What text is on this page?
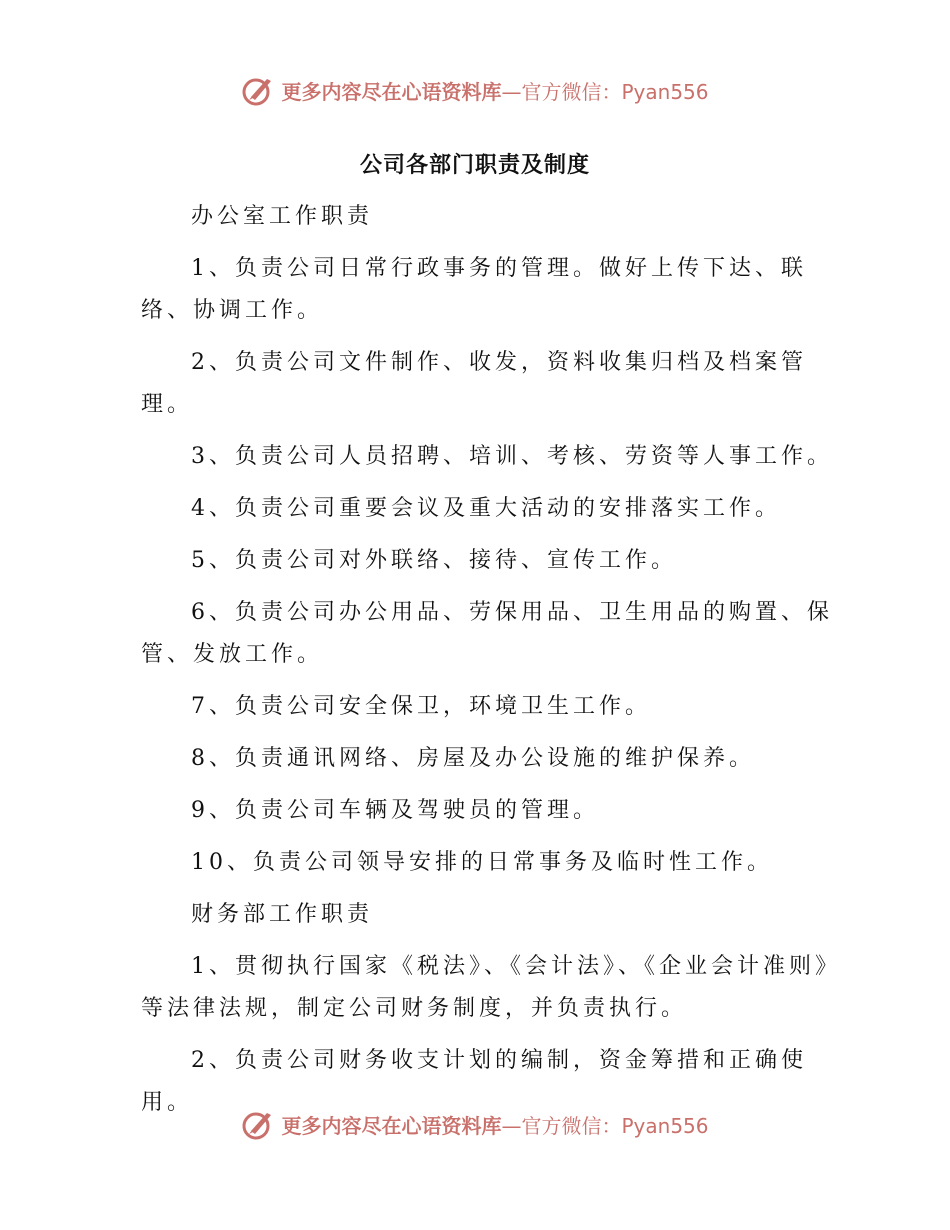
更多内容尽在心语资料库—官方微信：Pyan556
公司各部门职责及制度

办公室工作职责

1、负责公司日常行政事务的管理。做好上传下达、联络、协调工作。

2、负责公司文件制作、收发，资料收集归档及档案管理。

3、负责公司人员招聘、培训、考核、劳资等人事工作。

4、负责公司重要会议及重大活动的安排落实工作。

5、负责公司对外联络、接待、宣传工作。

6、负责公司办公用品、劳保用品、卫生用品的购置、保管、发放工作。

7、负责公司安全保卫，环境卫生工作。

8、负责通讯网络、房屋及办公设施的维护保养。

9、负责公司车辆及驾驶员的管理。

10、负责公司领导安排的日常事务及临时性工作。

财务部工作职责

1、贯彻执行国家《税法》、《会计法》、《企业会计准则》等法律法规，制定公司财务制度，并负责执行。

2、负责公司财务收支计划的编制，资金筹措和正确使用。

更多内容尽在心语资料库—官方微信：Pyan556
